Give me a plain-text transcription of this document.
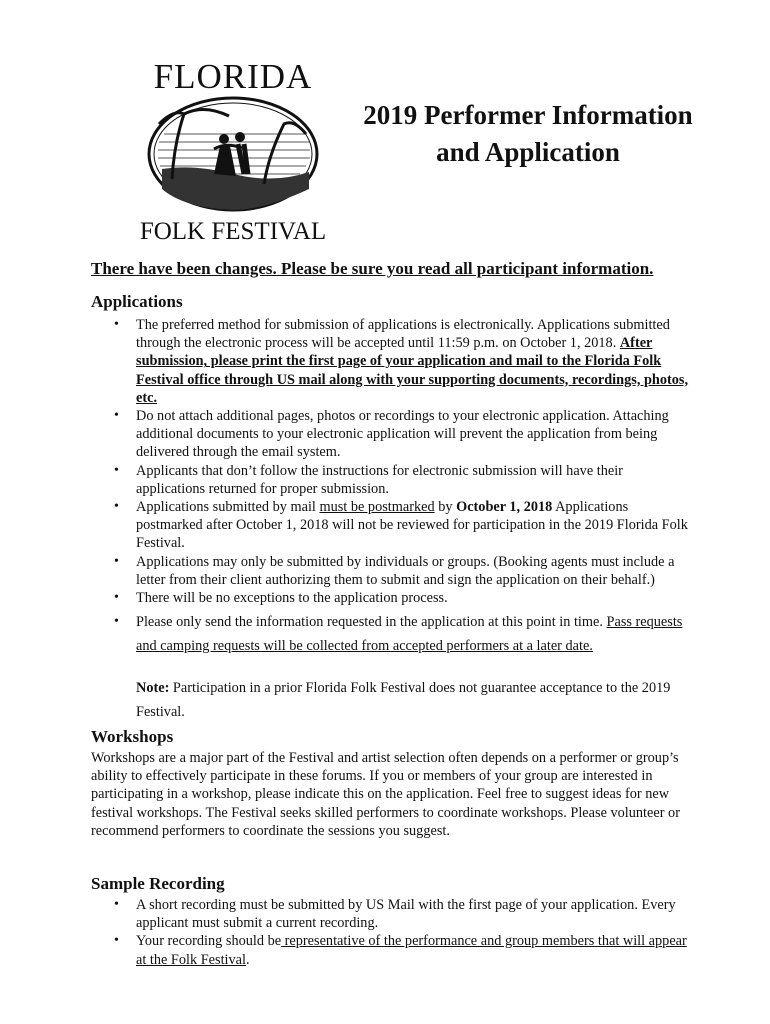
FLORIDA
FOLK FESTIVAL
2019 Performer Information
and Application
There have been changes. Please be sure you read all participant information.
Applications
• The preferred method for submission of applications is electronically. Applications submitted through the electronic process will be accepted until 11:59 p.m. on October 1, 2018. After submission, please print the first page of your application and mail to the Florida Folk Festival office through US mail along with your supporting documents, recordings, photos, etc.
• Do not attach additional pages, photos or recordings to your electronic application. Attaching additional documents to your electronic application will prevent the application from being delivered through the email system.
• Applicants that don’t follow the instructions for electronic submission will have their applications returned for proper submission.
• Applications submitted by mail must be postmarked by October 1, 2018 Applications postmarked after October 1, 2018 will not be reviewed for participation in the 2019 Florida Folk Festival.
• Applications may only be submitted by individuals or groups. (Booking agents must include a letter from their client authorizing them to submit and sign the application on their behalf.)
• There will be no exceptions to the application process.
• Please only send the information requested in the application at this point in time. Pass requests and camping requests will be collected from accepted performers at a later date.
Note: Participation in a prior Florida Folk Festival does not guarantee acceptance to the 2019 Festival.
Workshops
Workshops are a major part of the Festival and artist selection often depends on a performer or group’s ability to effectively participate in these forums. If you or members of your group are interested in participating in a workshop, please indicate this on the application. Feel free to suggest ideas for new festival workshops. The Festival seeks skilled performers to coordinate workshops. Please volunteer or recommend performers to coordinate the sessions you suggest.
Sample Recording
• A short recording must be submitted by US Mail with the first page of your application. Every applicant must submit a current recording.
• Your recording should be representative of the performance and group members that will appear at the Folk Festival.
